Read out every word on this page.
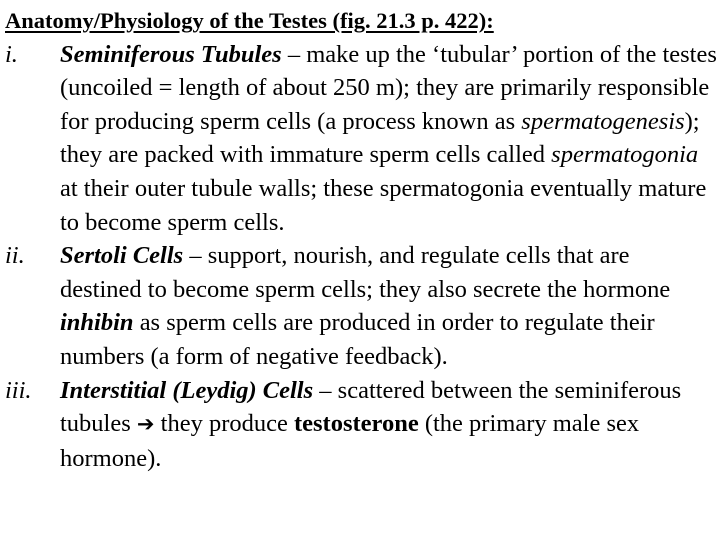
Anatomy/Physiology of the Testes (fig. 21.3 p. 422):

i.	Seminiferous Tubules – make up the ‘tubular’ portion of the testes (uncoiled = length of about 250 m); they are primarily responsible for producing sperm cells (a process known as spermatogenesis); they are packed with immature sperm cells called spermatogonia at their outer tubule walls; these spermatogonia eventually mature to become sperm cells.
ii.	Sertoli Cells – support, nourish, and regulate cells that are destined to become sperm cells; they also secrete the hormone inhibin as sperm cells are produced in order to regulate their numbers (a form of negative feedback).
iii.	Interstitial (Leydig) Cells – scattered between the seminiferous tubules ➔ they produce testosterone (the primary male sex hormone).
